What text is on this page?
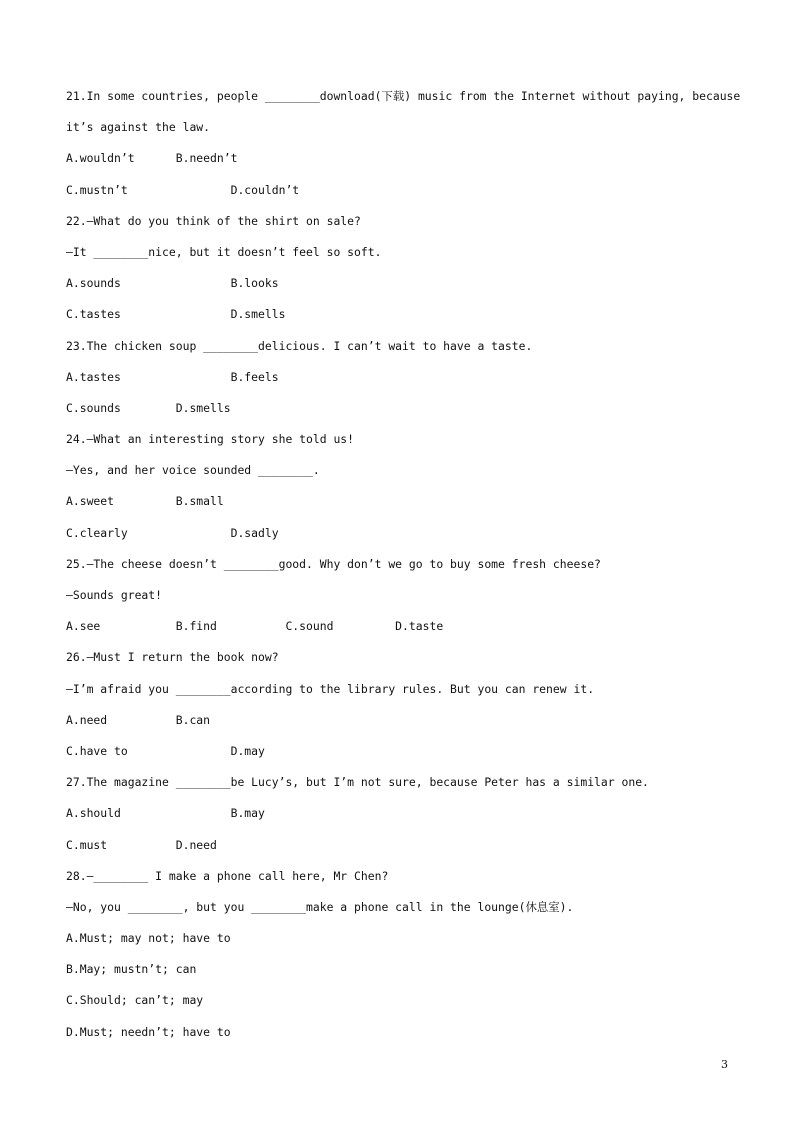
21.In some countries, people ________download(下载) music from the Internet without paying, because
it’s against the law.
A.wouldn’t      B.needn’t
C.mustn’t               D.couldn’t
22.—What do you think of the shirt on sale?
—It ________nice, but it doesn’t feel so soft.
A.sounds                B.looks
C.tastes                D.smells
23.The chicken soup ________delicious. I can’t wait to have a taste.
A.tastes                B.feels
C.sounds        D.smells
24.—What an interesting story she told us!
—Yes, and her voice sounded ________.
A.sweet         B.small
C.clearly               D.sadly
25.—The cheese doesn’t ________good. Why don’t we go to buy some fresh cheese?
—Sounds great!
A.see           B.find          C.sound         D.taste
26.—Must I return the book now?
—I’m afraid you ________according to the library rules. But you can renew it.
A.need          B.can
C.have to               D.may
27.The magazine ________be Lucy’s, but I’m not sure, because Peter has a similar one.
A.should                B.may
C.must          D.need
28.—________ I make a phone call here, Mr Chen?
—No, you ________, but you ________make a phone call in the lounge(休息室).
A.Must; may not; have to
B.May; mustn’t; can
C.Should; can’t; may
D.Must; needn’t; have to
3
